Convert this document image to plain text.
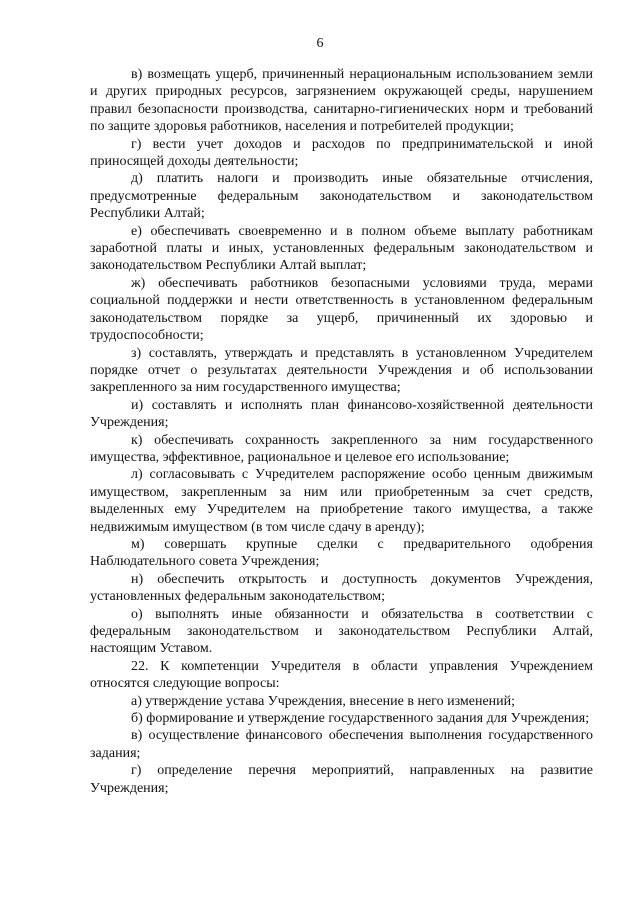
6

в) возмещать ущерб, причиненный нерациональным использованием земли и других природных ресурсов, загрязнением окружающей среды, нарушением правил безопасности производства, санитарно-гигиенических норм и требований по защите здоровья работников, населения и потребителей продукции;

г) вести учет доходов и расходов по предпринимательской и иной приносящей доходы деятельности;

д) платить налоги и производить иные обязательные отчисления, предусмотренные федеральным законодательством и законодательством Республики Алтай;

е) обеспечивать своевременно и в полном объеме выплату работникам заработной платы и иных, установленных федеральным законодательством и законодательством Республики Алтай выплат;

ж) обеспечивать работников безопасными условиями труда, мерами социальной поддержки и нести ответственность в установленном федеральным законодательством порядке за ущерб, причиненный их здоровью и трудоспособности;

з) составлять, утверждать и представлять в установленном Учредителем порядке отчет о результатах деятельности Учреждения и об использовании закрепленного за ним государственного имущества;

и) составлять и исполнять план финансово-хозяйственной деятельности Учреждения;

к) обеспечивать сохранность закрепленного за ним государственного имущества, эффективное, рациональное и целевое его использование;

л) согласовывать с Учредителем распоряжение особо ценным движимым имуществом, закрепленным за ним или приобретенным за счет средств, выделенных ему Учредителем на приобретение такого имущества, а также недвижимым имуществом (в том числе сдачу в аренду);

м) совершать крупные сделки с предварительного одобрения Наблюдательного совета Учреждения;

н) обеспечить открытость и доступность документов Учреждения, установленных федеральным законодательством;

о) выполнять иные обязанности и обязательства в соответствии с федеральным законодательством и законодательством Республики Алтай, настоящим Уставом.

22. К компетенции Учредителя в области управления Учреждением относятся следующие вопросы:

а) утверждение устава Учреждения, внесение в него изменений;

б) формирование и утверждение государственного задания для Учреждения;

в) осуществление финансового обеспечения выполнения государственного задания;

г) определение перечня мероприятий, направленных на развитие Учреждения;
